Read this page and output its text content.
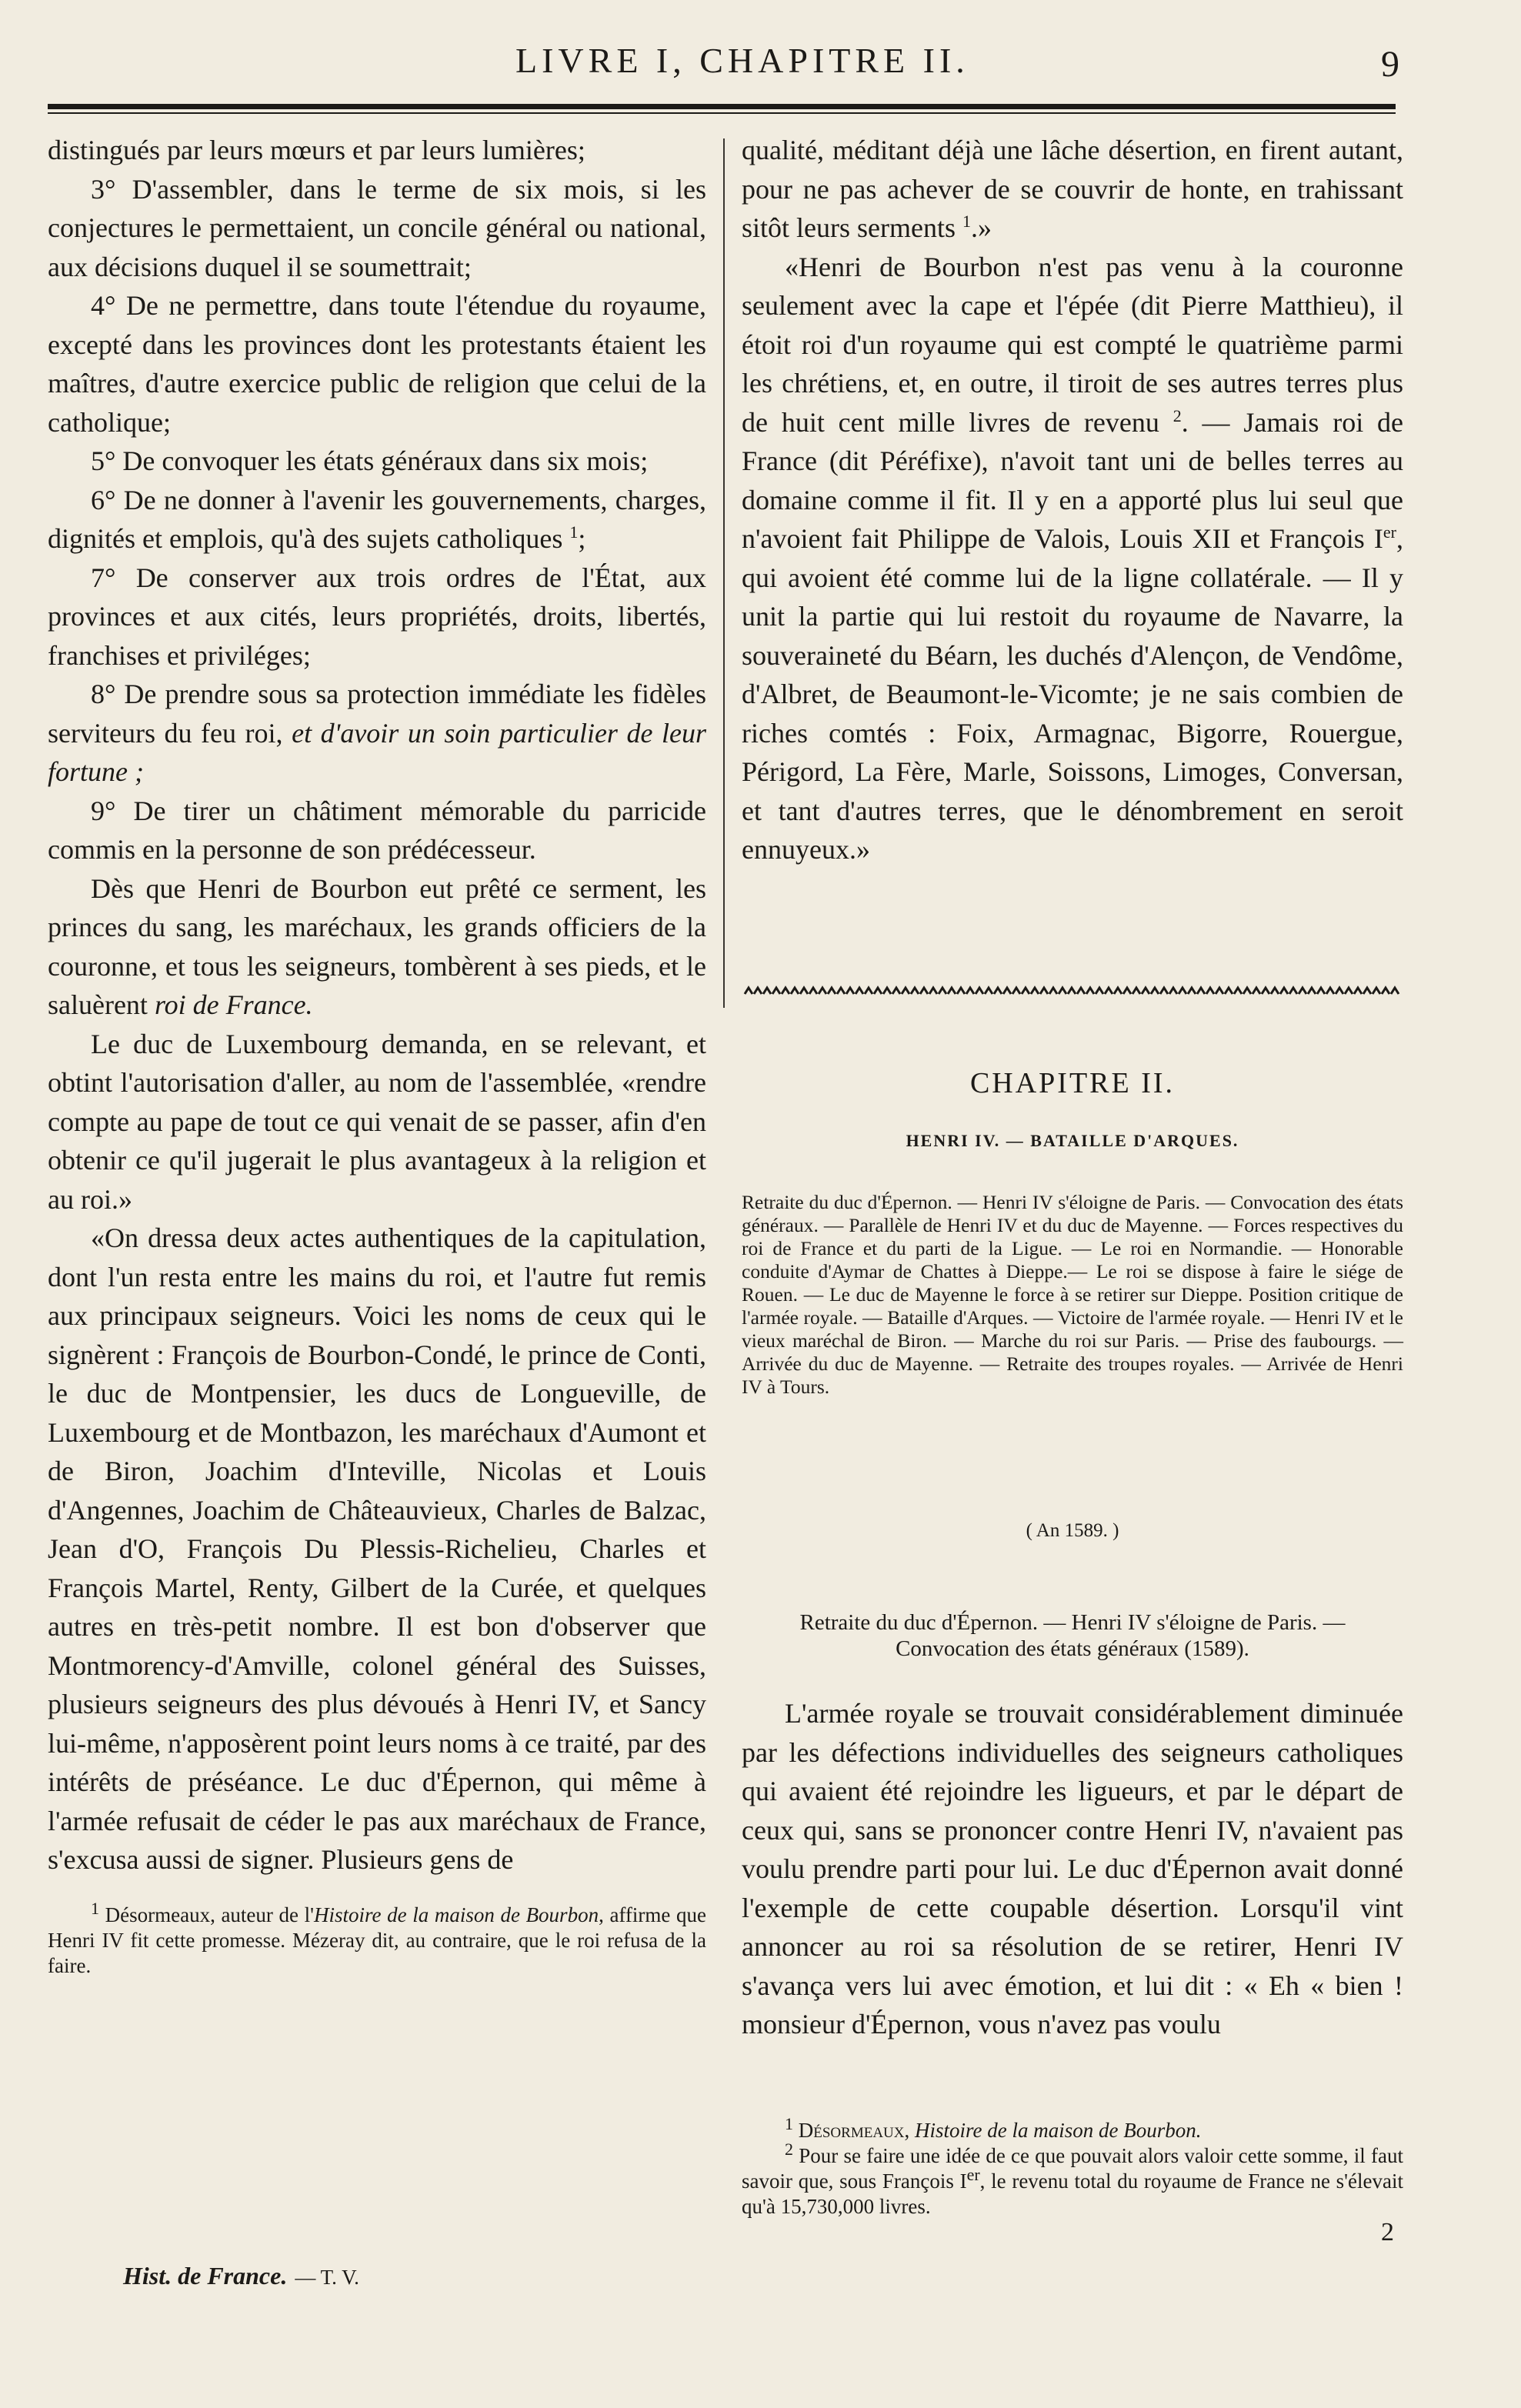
LIVRE I, CHAPITRE II.	9

distingués par leurs mœurs et par leurs lumières;

3° D'assembler, dans le terme de six mois, si les conjectures le permettaient, un concile général ou national, aux décisions duquel il se soumettrait;

4° De ne permettre, dans toute l'étendue du royaume, excepté dans les provinces dont les protestants étaient les maîtres, d'autre exercice public de religion que celui de la catholique;

5° De convoquer les états généraux dans six mois;

6° De ne donner à l'avenir les gouvernements, charges, dignités et emplois, qu'à des sujets catholiques $^1$;

7° De conserver aux trois ordres de l'État, aux provinces et aux cités, leurs propriétés, droits, libertés, franchises et priviléges;

8° De prendre sous sa protection immédiate les fidèles serviteurs du feu roi, et d'avoir un soin particulier de leur fortune ;

9° De tirer un châtiment mémorable du parricide commis en la personne de son prédécesseur.

Dès que Henri de Bourbon eut prêté ce serment, les princes du sang, les maréchaux, les grands officiers de la couronne, et tous les seigneurs, tombèrent à ses pieds, et le saluèrent roi de France.

Le duc de Luxembourg demanda, en se relevant, et obtint l'autorisation d'aller, au nom de l'assemblée, «rendre compte au pape de tout ce qui venait de se passer, afin d'en obtenir ce qu'il jugerait le plus avantageux à la religion et au roi.»

«On dressa deux actes authentiques de la capitulation, dont l'un resta entre les mains du roi, et l'autre fut remis aux principaux seigneurs. Voici les noms de ceux qui le signèrent : François de Bourbon-Condé, le prince de Conti, le duc de Montpensier, les ducs de Longueville, de Luxembourg et de Montbazon, les maréchaux d'Aumont et de Biron, Joachim d'Inteville, Nicolas et Louis d'Angennes, Joachim de Châteauvieux, Charles de Balzac, Jean d'O, François Du Plessis-Richelieu, Charles et François Martel, Renty, Gilbert de la Curée, et quelques autres en très-petit nombre. Il est bon d'observer que Montmorency-d'Amville, colonel général des Suisses, plusieurs seigneurs des plus dévoués à Henri IV, et Sancy lui-même, n'apposèrent point leurs noms à ce traité, par des intérêts de préséance. Le duc d'Épernon, qui même à l'armée refusait de céder le pas aux maréchaux de France, s'excusa aussi de signer. Plusieurs gens de

$^1$ Désormeaux, auteur de l'Histoire de la maison de Bourbon, affirme que Henri IV fit cette promesse. Mézeray dit, au contraire, que le roi refusa de la faire.

Hist. de France. — T. V.

qualité, méditant déjà une lâche désertion, en firent autant, pour ne pas achever de se couvrir de honte, en trahissant sitôt leurs serments $^1$.»

«Henri de Bourbon n'est pas venu à la couronne seulement avec la cape et l'épée (dit Pierre Matthieu), il étoit roi d'un royaume qui est compté le quatrième parmi les chrétiens, et, en outre, il tiroit de ses autres terres plus de huit cent mille livres de revenu $^2$. — Jamais roi de France (dit Péréfixe), n'avoit tant uni de belles terres au domaine comme il fit. Il y en a apporté plus lui seul que n'avoient fait Philippe de Valois, Louis XII et François Ier, qui avoient été comme lui de la ligne collatérale. — Il y unit la partie qui lui restoit du royaume de Navarre, la souveraineté du Béarn, les duchés d'Alençon, de Vendôme, d'Albret, de Beaumont-le-Vicomte; je ne sais combien de riches comtés : Foix, Armagnac, Bigorre, Rouergue, Périgord, La Fère, Marle, Soissons, Limoges, Conversan, et tant d'autres terres, que le dénombrement en seroit ennuyeux.»

CHAPITRE II.
HENRI IV. — BATAILLE D'ARQUES.
Retraite du duc d'Épernon. — Henri IV s'éloigne de Paris. — Convocation des états généraux. — Parallèle de Henri IV et du duc de Mayenne. — Forces respectives du roi de France et du parti de la Ligue. — Le roi en Normandie. — Honorable conduite d'Aymar de Chattes à Dieppe.— Le roi se dispose à faire le siége de Rouen. — Le duc de Mayenne le force à se retirer sur Dieppe. Position critique de l'armée royale. — Bataille d'Arques. — Victoire de l'armée royale. — Henri IV et le vieux maréchal de Biron. — Marche du roi sur Paris. — Prise des faubourgs. — Arrivée du duc de Mayenne. — Retraite des troupes royales. — Arrivée de Henri IV à Tours.
( An 1589. )
Retraite du duc d'Épernon. — Henri IV s'éloigne de Paris. —
Convocation des états généraux (1589).
L'armée royale se trouvait considérablement diminuée par les défections individuelles des seigneurs catholiques qui avaient été rejoindre les ligueurs, et par le départ de ceux qui, sans se prononcer contre Henri IV, n'avaient pas voulu prendre parti pour lui. Le duc d'Épernon avait donné l'exemple de cette coupable désertion. Lorsqu'il vint annoncer au roi sa résolution de se retirer, Henri IV s'avança vers lui avec émotion, et lui dit : « Eh « bien ! monsieur d'Épernon, vous n'avez pas voulu

$^1$ Désormeaux, Histoire de la maison de Bourbon.

$^2$ Pour se faire une idée de ce que pouvait alors valoir cette somme, il faut savoir que, sous François Ier, le revenu total du royaume de France ne s'élevait qu'à 15,730,000 livres.

2
